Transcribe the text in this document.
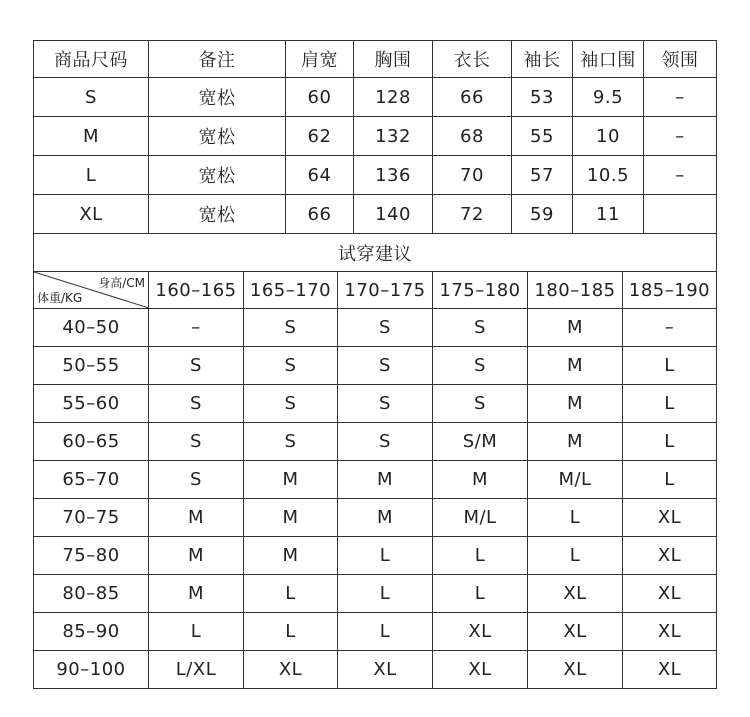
商品尺码	备注	肩宽	胸围	衣长	袖长	袖口围	领围
S	宽松	60	128	66	53	9.5	–
M	宽松	62	132	68	55	10	–
L	宽松	64	136	70	57	10.5	–
XL	宽松	66	140	72	59	11
试穿建议
身高/CM
体重/KG	160–165 165–170 170–175 175–180 180–185 185–190
40–50	–	S	S	S	M	–
50–55	S	S	S	S	M	L
55–60	S	S	S	S	M	L
60–65	S	S	S	S/M	M	L
65–70	S	M	M	M	M/L	L
70–75	M	M	M	M/L	L	XL
75–80	M	M	L	L	L	XL
80–85	M	L	L	L	XL	XL
85–90	L	L	L	XL	XL	XL
90–100	L/XL	XL	XL	XL	XL	XL
